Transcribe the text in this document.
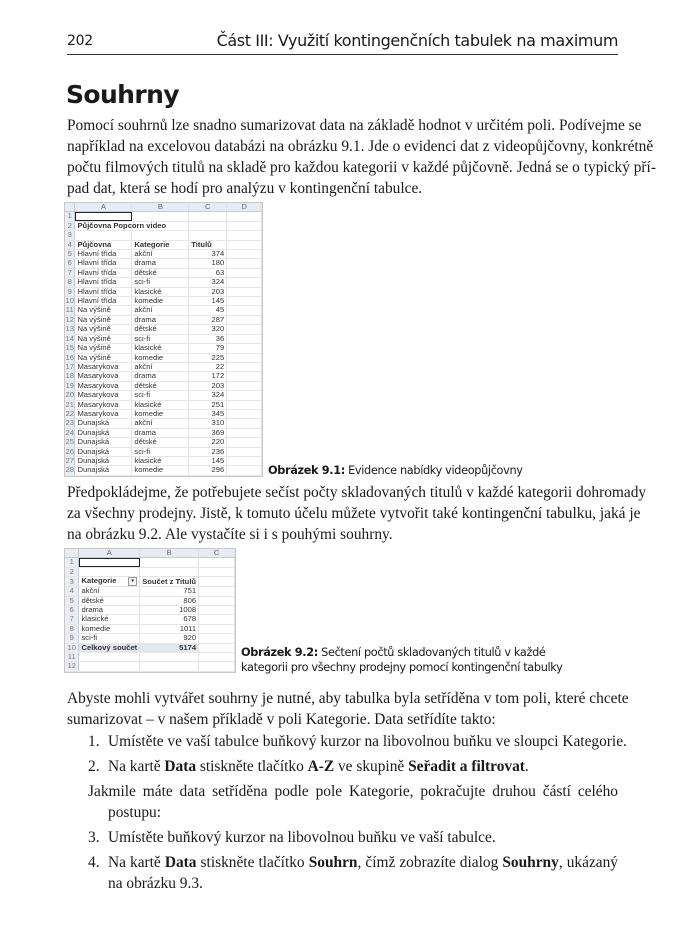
202	Část III: Využití kontingenčních tabulek na maximum
Souhrny
Pomocí souhrnů lze snadno sumarizovat data na základě hodnot v určitém poli. Podívejme se
například na excelovou databázi na obrázku 9.1. Jde o evidenci dat z videopůjčovny, konkrétně
počtu filmových titulů na skladě pro každou kategorii v každé půjčovně. Jedná se o typický pří-
pad dat, která se hodí pro analýzu v kontingenční tabulce.
	A	B	C	D
1				
2	Půjčovna Popcorn video			
3				
4	Půjčovna	Kategorie	Titulů	
5	Hlavní třída	akční	374	
6	Hlavní třída	drama	180	
7	Hlavní třída	dětské	63	
8	Hlavní třída	sci-fi	324	
9	Hlavní třída	klasické	203	
10	Hlavní třída	komedie	145	
11	Na výšině	akční	45	
12	Na výšině	drama	287	
13	Na výšině	dětské	320	
14	Na výšině	sci-fi	36	
15	Na výšině	klasické	79	
16	Na výšině	komedie	225	
17	Masarykova	akční	22	
18	Masarykova	drama	172	
19	Masarykova	dětské	203	
20	Masarykova	sci-fi	324	
21	Masarykova	klasické	251	
22	Masarykova	komedie	345	
23	Dunajská	akční	310	
24	Dunajská	drama	369	
25	Dunajská	dětské	220	
26	Dunajská	sci-fi	236	
27	Dunajská	klasické	145	
28	Dunajská	komedie	296		Obrázek 9.1: Evidence nabídky videopůjčovny
Předpokládejme, že potřebujete sečíst počty skladovaných titulů v každé kategorii dohromady
za všechny prodejny. Jistě, k tomuto účelu můžete vytvořit také kontingenční tabulku, jaká je
na obrázku 9.2. Ale vystačíte si i s pouhými souhrny.
	A	B	C
1			
2			
3	Kategorie ▾	Součet z Titulů	
4	akční	751	
5	dětské	806	
6	drama	1008	
7	klasické	678	
8	komedie	1011	
9	sci-fi	920	
10	Celkový součet	5174	
11			
12			
Obrázek 9.2: Sečtení počtů skladovaných titulů v každé
kategorii pro všechny prodejny pomocí kontingenční tabulky
Abyste mohli vytvářet souhrny je nutné, aby tabulka byla setříděna v tom poli, které chcete
sumarizovat – v našem příkladě v poli Kategorie. Data setřídíte takto:
1. Umístěte ve vaší tabulce buňkový kurzor na libovolnou buňku ve sloupci Kategorie.
2. Na kartě Data stiskněte tlačítko A-Z ve skupině Seřadit a filtrovat.
Jakmile máte data setříděna podle pole Kategorie, pokračujte druhou částí celého
postupu:
3. Umístěte buňkový kurzor na libovolnou buňku ve vaší tabulce.
4. Na kartě Data stiskněte tlačítko Souhrn, čímž zobrazíte dialog Souhrny, ukázaný
na obrázku 9.3.
